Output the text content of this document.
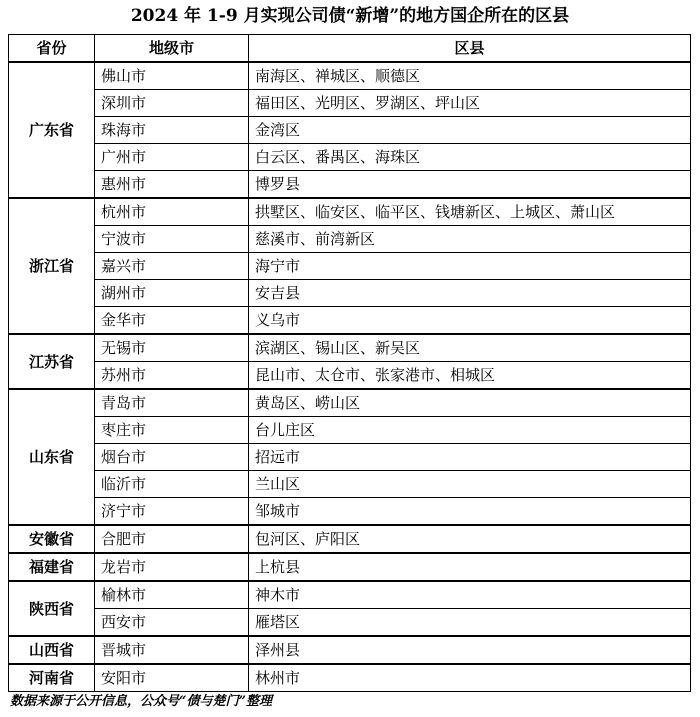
2024 年 1-9 月实现公司债“新增”的地方国企所在的区县
省份	地级市	区县
广东省	佛山市	南海区、禅城区、顺德区
	深圳市	福田区、光明区、罗湖区、坪山区
	珠海市	金湾区
	广州市	白云区、番禺区、海珠区
	惠州市	博罗县
浙江省	杭州市	拱墅区、临安区、临平区、钱塘新区、上城区、萧山区
	宁波市	慈溪市、前湾新区
	嘉兴市	海宁市
	湖州市	安吉县
	金华市	义乌市
江苏省	无锡市	滨湖区、锡山区、新吴区
	苏州市	昆山市、太仓市、张家港市、相城区
山东省	青岛市	黄岛区、崂山区
	枣庄市	台儿庄区
	烟台市	招远市
	临沂市	兰山区
	济宁市	邹城市
安徽省	合肥市	包河区、庐阳区
福建省	龙岩市	上杭县
陕西省	榆林市	神木市
	西安市	雁塔区
山西省	晋城市	泽州县
河南省	安阳市	林州市
数据来源于公开信息，公众号“债与楚门”整理
